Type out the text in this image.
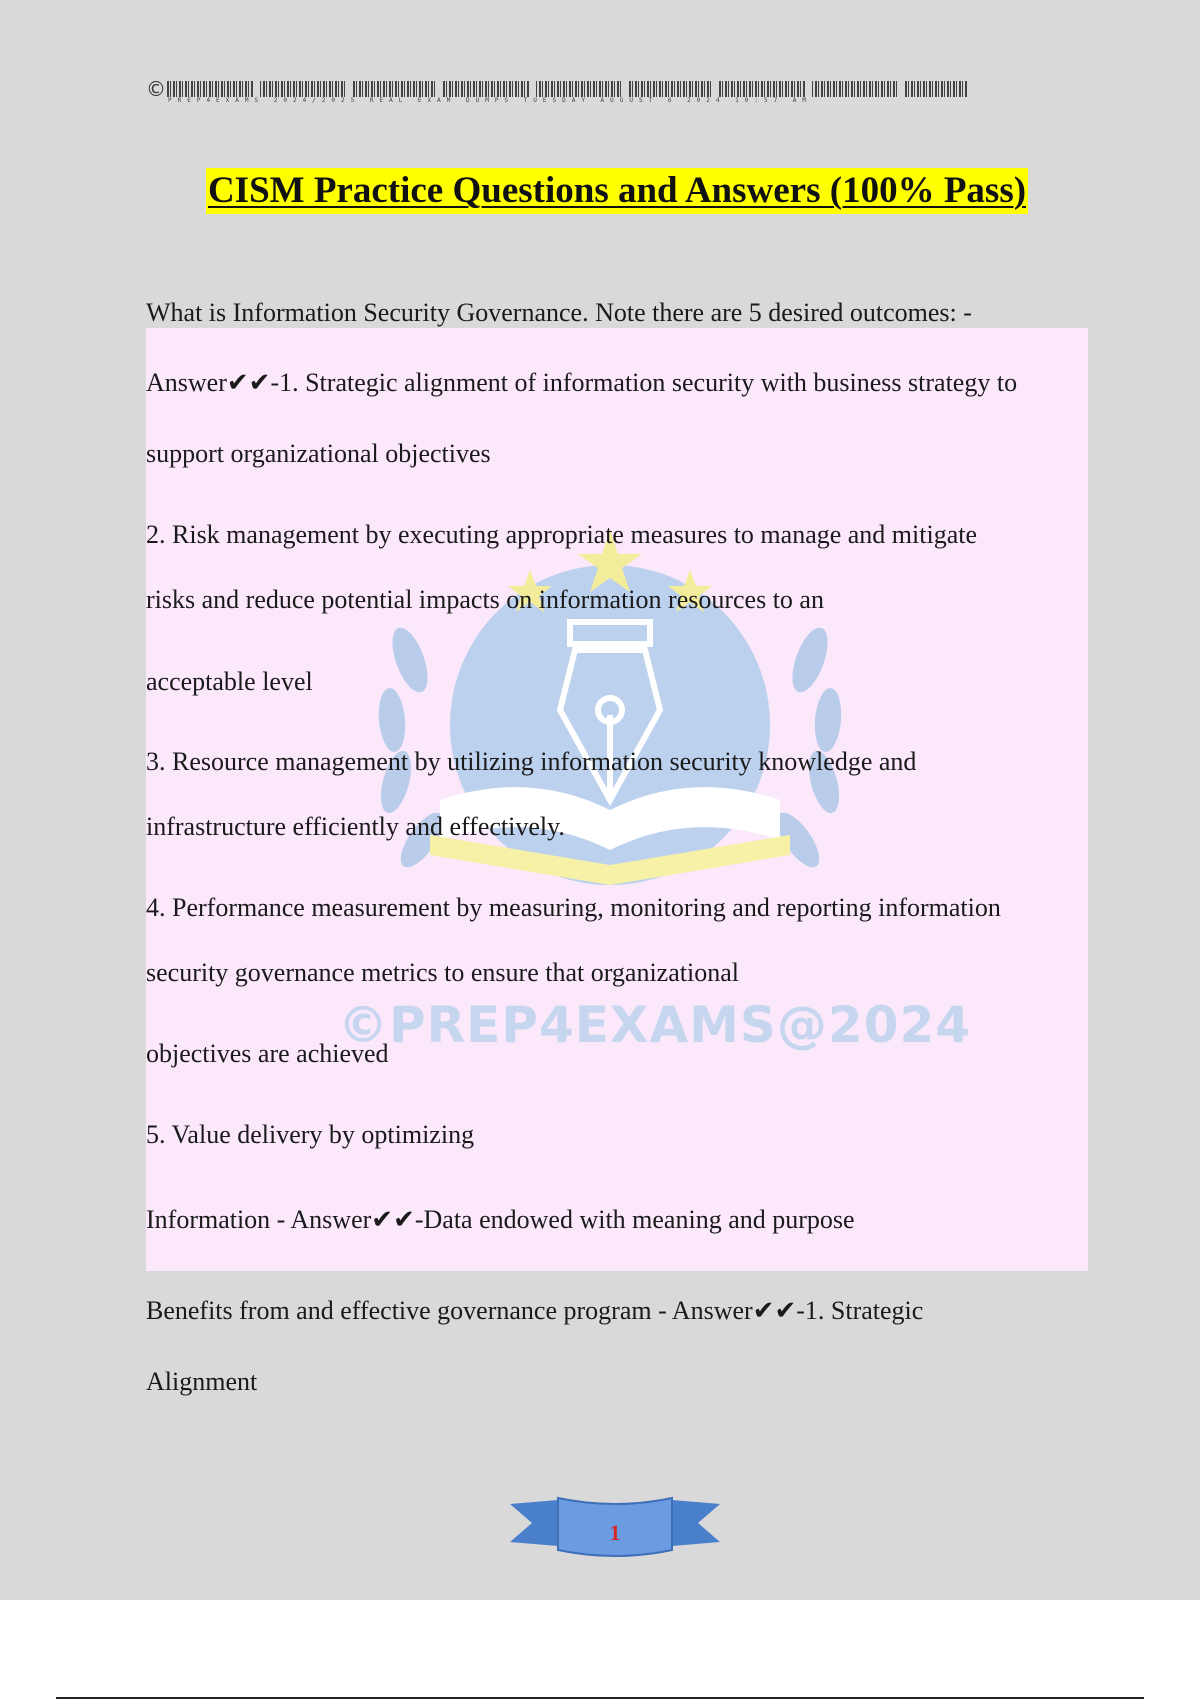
© PREP4EXAMS 2024/2025 REAL EXAM DUMPS TUESDAY AUGUST 6 2024 10:57 AM
CISM Practice Questions and Answers (100% Pass)
©PREP4EXAMS@2024
What is Information Security Governance. Note there are 5 desired outcomes: -
Answer✔✔-1. Strategic alignment of information security with business strategy to
support organizational objectives
2. Risk management by executing appropriate measures to manage and mitigate
risks and reduce potential impacts on information resources to an
acceptable level
3. Resource management by utilizing information security knowledge and
infrastructure efficiently and effectively.
4. Performance measurement by measuring, monitoring and reporting information
security governance metrics to ensure that organizational
objectives are achieved
5. Value delivery by optimizing
Information - Answer✔✔-Data endowed with meaning and purpose
Benefits from and effective governance program - Answer✔✔-1. Strategic
Alignment
1
